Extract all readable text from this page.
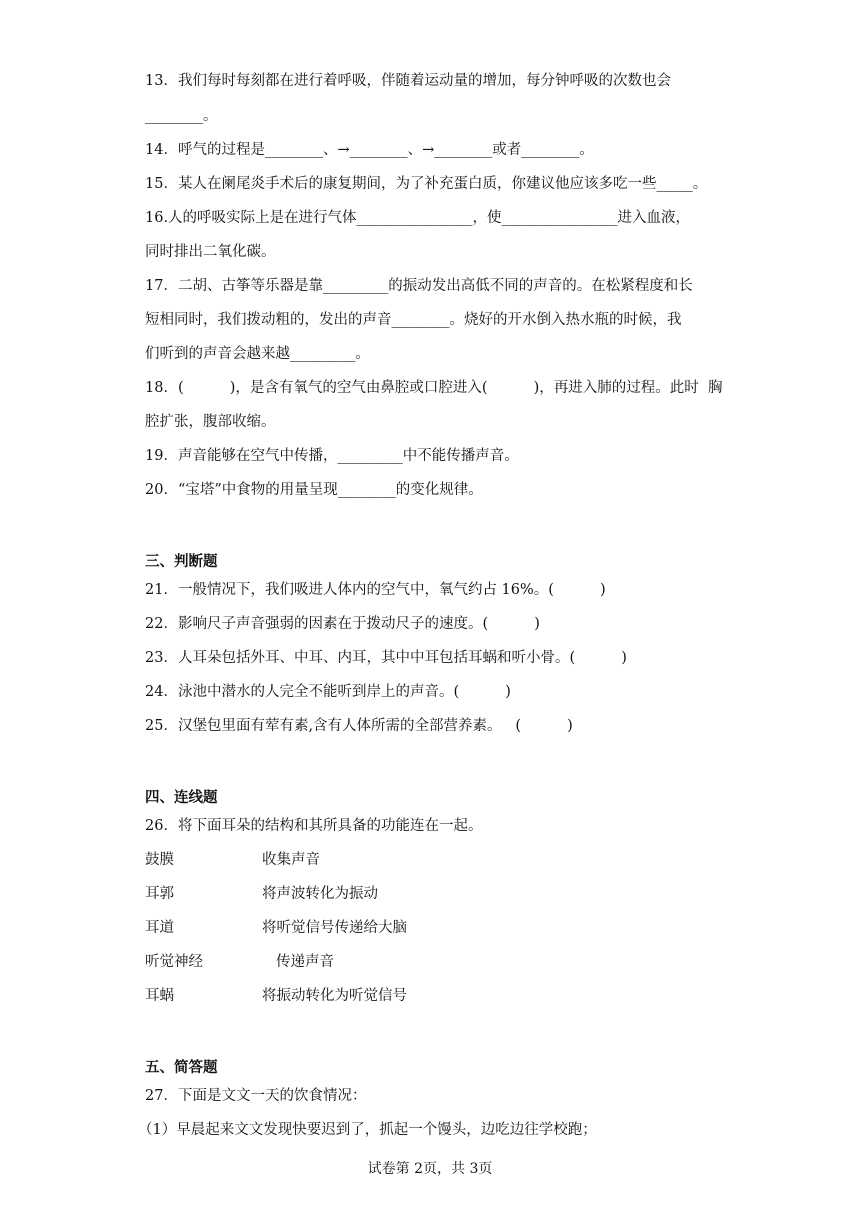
13．我们每时每刻都在进行着呼吸，伴随着运动量的增加，每分钟呼吸的次数也会
________。
14．呼气的过程是________、→________、→________或者________。
15．某人在阑尾炎手术后的康复期间，为了补充蛋白质，你建议他应该多吃一些_____。
16.人的呼吸实际上是在进行气体________________，使________________进入血液，
同时排出二氧化碳。
17．二胡、古筝等乐器是靠_________的振动发出高低不同的声音的。在松紧程度和长
短相同时，我们拨动粗的，发出的声音________。烧好的开水倒入热水瓶的时候，我
们听到的声音会越来越_________。
18．(          )，是含有氧气的空气由鼻腔或口腔进入(          )，再进入肺的过程。此时  胸
腔扩张，腹部收缩。
19．声音能够在空气中传播，_________中不能传播声音。
20．“宝塔”中食物的用量呈现________的变化规律。
三、判断题
21．一般情况下，我们吸进人体内的空气中，氧气约占 16%。(          )
22．影响尺子声音强弱的因素在于拨动尺子的速度。(          )
23．人耳朵包括外耳、中耳、内耳，其中中耳包括耳蜗和听小骨。(          )
24．泳池中潜水的人完全不能听到岸上的声音。(          )
25．汉堡包里面有荤有素,含有人体所需的全部营养素。   (          )
四、连线题
26．将下面耳朵的结构和其所具备的功能连在一起。
鼓膜	收集声音
耳郭	将声波转化为振动
耳道	将听觉信号传递给大脑
听觉神经	传递声音
耳蜗	将振动转化为听觉信号
五、简答题
27．下面是文文一天的饮食情况：
（1）早晨起来文文发现快要迟到了，抓起一个馒头，边吃边往学校跑；
试卷第 2页，共 3页
